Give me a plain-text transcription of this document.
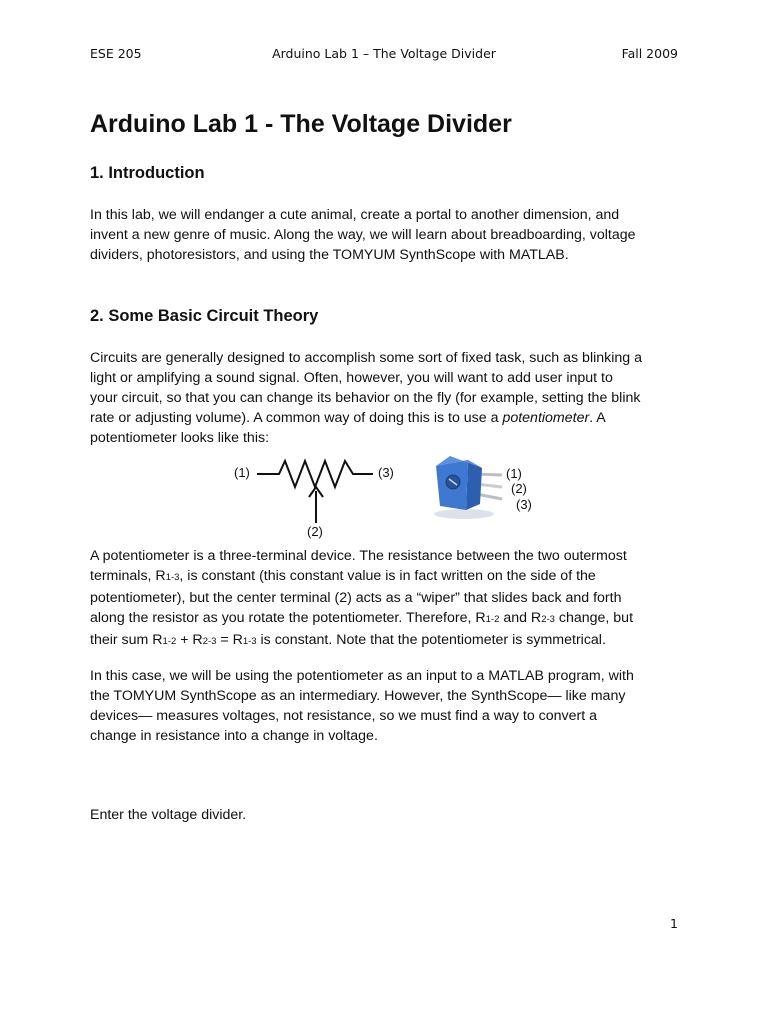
ESE 205	Arduino Lab 1 – The Voltage Divider	Fall 2009
Arduino Lab 1 - The Voltage Divider
1. Introduction
In this lab, we will endanger a cute animal, create a portal to another dimension, and
invent a new genre of music. Along the way, we will learn about breadboarding, voltage
dividers, photoresistors, and using the TOMYUM SynthScope with MATLAB.
2. Some Basic Circuit Theory
Circuits are generally designed to accomplish some sort of fixed task, such as blinking a
light or amplifying a sound signal. Often, however, you will want to add user input to
your circuit, so that you can change its behavior on the fly (for example, setting the blink
rate or adjusting volume). A common way of doing this is to use a potentiometer. A
potentiometer looks like this:
(1)	(3)
(2)
(1)
(2)
(3)
A potentiometer is a three-terminal device. The resistance between the two outermost
terminals, R1-3, is constant (this constant value is in fact written on the side of the
potentiometer), but the center terminal (2) acts as a “wiper” that slides back and forth
along the resistor as you rotate the potentiometer. Therefore, R1-2 and R2-3 change, but
their sum R1-2 + R2-3 = R1-3 is constant. Note that the potentiometer is symmetrical.
In this case, we will be using the potentiometer as an input to a MATLAB program, with
the TOMYUM SynthScope as an intermediary. However, the SynthScope— like many
devices— measures voltages, not resistance, so we must find a way to convert a
change in resistance into a change in voltage.
Enter the voltage divider.
1
